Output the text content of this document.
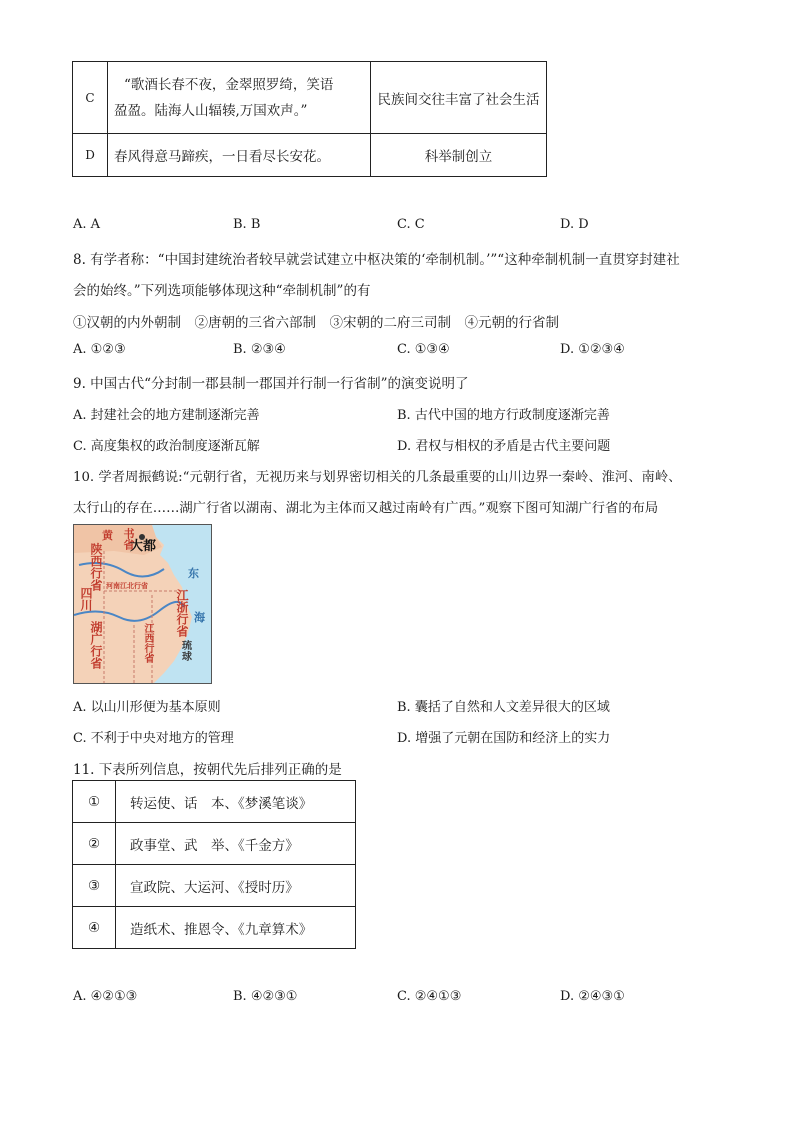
C	“歌酒长春不夜，金翠照罗绮，笑语
盈盈。陆海人山辐辏,万国欢声。”	民族间交往丰富了社会生活
D	春风得意马蹄疾，一日看尽长安花。	科举制创立
A. A	B. B	C. C	D. D
8. 有学者称：“中国封建统治者较早就尝试建立中枢决策的‘牵制机制。’”“这种牵制机制一直贯穿封建社
会的始终。”下列选项能够体现这种“牵制机制”的有
①汉朝的内外朝制　②唐朝的三省六部制　③宋朝的二府三司制　④元朝的行省制
A. ①②③	B. ②③④	C. ①③④	D. ①②③④
9. 中国古代“分封制一郡县制一郡国并行制一行省制”的演变说明了
A. 封建社会的地方建制逐渐完善	B. 古代中国的地方行政制度逐渐完善
C. 高度集权的政治制度逐渐瓦解	D. 君权与相权的矛盾是古代主要问题
10. 学者周振鹤说:“元朝行省，无视历来与划界密切相关的几条最重要的山川边界一秦岭、淮河、南岭、
太行山的存在……湖广行省以湖南、湖北为主体而又越过南岭有广西。”观察下图可知湖广行省的布局
黄 书省
大都
陕西行省
四川
河南江北行省
江浙行省
江西行省
湖广行省
东
海
琉球
A. 以山川形便为基本原则	B. 囊括了自然和人文差异很大的区域
C. 不利于中央对地方的管理	D. 增强了元朝在国防和经济上的实力
11. 下表所列信息，按朝代先后排列正确的是
①	转运使、话　本、《梦溪笔谈》
②	政事堂、武　举、《千金方》
③	宣政院、大运河、《授时历》
④	造纸术、推恩令、《九章算术》
A. ④②①③	B. ④②③①	C. ②④①③	D. ②④③①
